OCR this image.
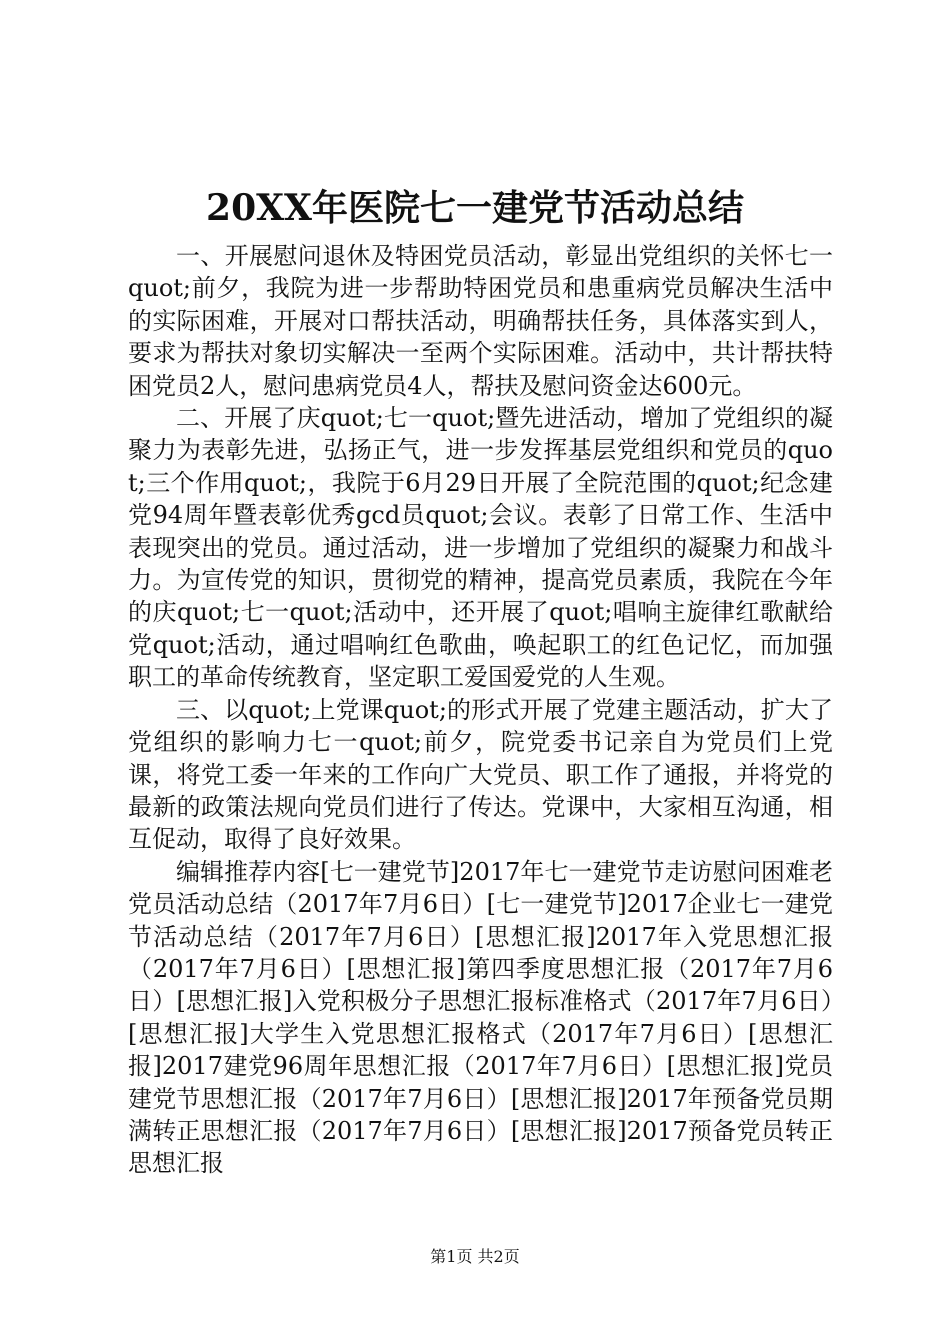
20XX年医院七一建党节活动总结

一、开展慰问退休及特困党员活动，彰显出党组织的关怀七一quot;前夕，我院为进一步帮助特困党员和患重病党员解决生活中的实际困难，开展对口帮扶活动，明确帮扶任务，具体落实到人，要求为帮扶对象切实解决一至两个实际困难。活动中，共计帮扶特困党员2人，慰问患病党员4人，帮扶及慰问资金达600元。

二、开展了庆quot;七一quot;暨先进活动，增加了党组织的凝聚力为表彰先进，弘扬正气，进一步发挥基层党组织和党员的quot;三个作用quot;，我院于6月29日开展了全院范围的quot;纪念建党94周年暨表彰优秀gcd员quot;会议。表彰了日常工作、生活中表现突出的党员。通过活动，进一步增加了党组织的凝聚力和战斗力。为宣传党的知识，贯彻党的精神，提高党员素质，我院在今年的庆quot;七一quot;活动中，还开展了quot;唱响主旋律红歌献给党quot;活动，通过唱响红色歌曲，唤起职工的红色记忆，而加强职工的革命传统教育，坚定职工爱国爱党的人生观。

三、以quot;上党课quot;的形式开展了党建主题活动，扩大了党组织的影响力七一quot;前夕，院党委书记亲自为党员们上党课，将党工委一年来的工作向广大党员、职工作了通报，并将党的最新的政策法规向党员们进行了传达。党课中，大家相互沟通，相互促动，取得了良好效果。

编辑推荐内容[七一建党节]2017年七一建党节走访慰问困难老党员活动总结（2017年7月6日）[七一建党节]2017企业七一建党节活动总结（2017年7月6日）[思想汇报]2017年入党思想汇报（2017年7月6日）[思想汇报]第四季度思想汇报（2017年7月6日）[思想汇报]入党积极分子思想汇报标准格式（2017年7月6日）[思想汇报]大学生入党思想汇报格式（2017年7月6日）[思想汇报]2017建党96周年思想汇报（2017年7月6日）[思想汇报]党员建党节思想汇报（2017年7月6日）[思想汇报]2017年预备党员期满转正思想汇报（2017年7月6日）[思想汇报]2017预备党员转正思想汇报

第1页 共2页
